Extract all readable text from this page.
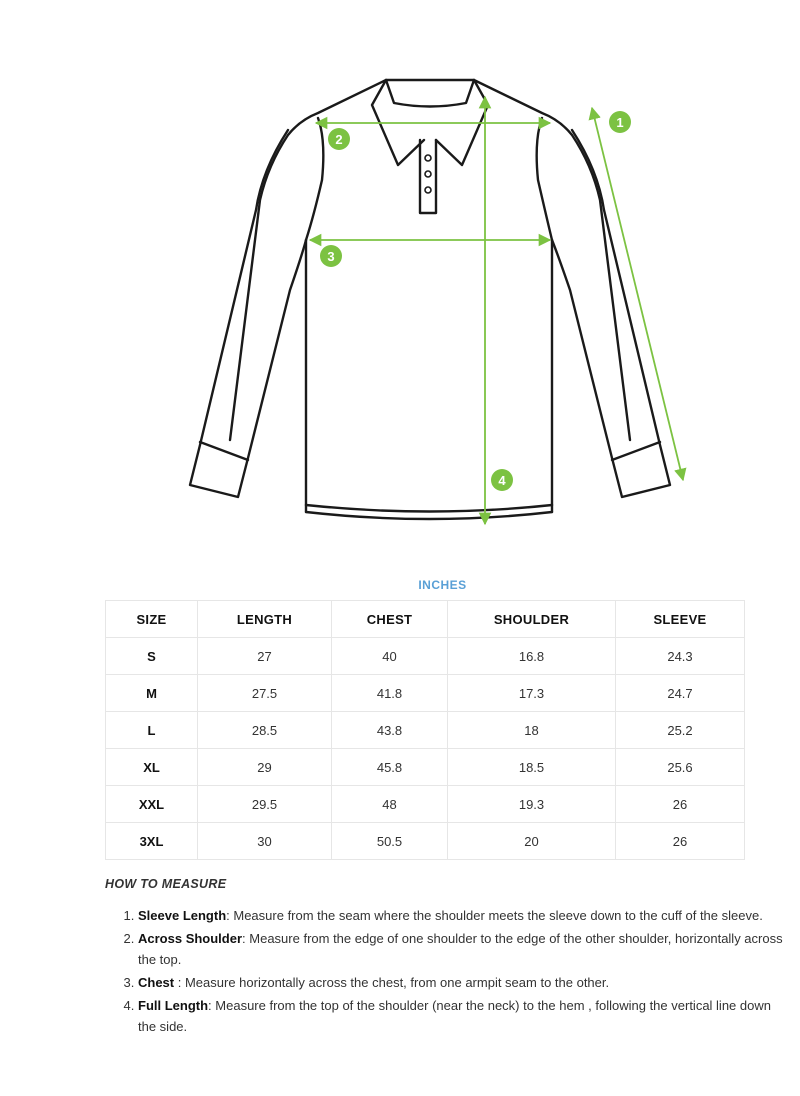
1
2
3
4
INCHES
SIZE	LENGTH	CHEST	SHOULDER	SLEEVE
S	27	40	16.8	24.3
M	27.5	41.8	17.3	24.7
L	28.5	43.8	18	25.2
XL	29	45.8	18.5	25.6
XXL	29.5	48	19.3	26
3XL	30	50.5	20	26
HOW TO MEASURE
1. Sleeve Length: Measure from the seam where the shoulder meets the sleeve down to the cuff of the sleeve.
2. Across Shoulder: Measure from the edge of one shoulder to the edge of the other shoulder, horizontally across the top.
3. Chest : Measure horizontally across the chest, from one armpit seam to the other.
4. Full Length: Measure from the top of the shoulder (near the neck) to the hem , following the vertical line down the side.
